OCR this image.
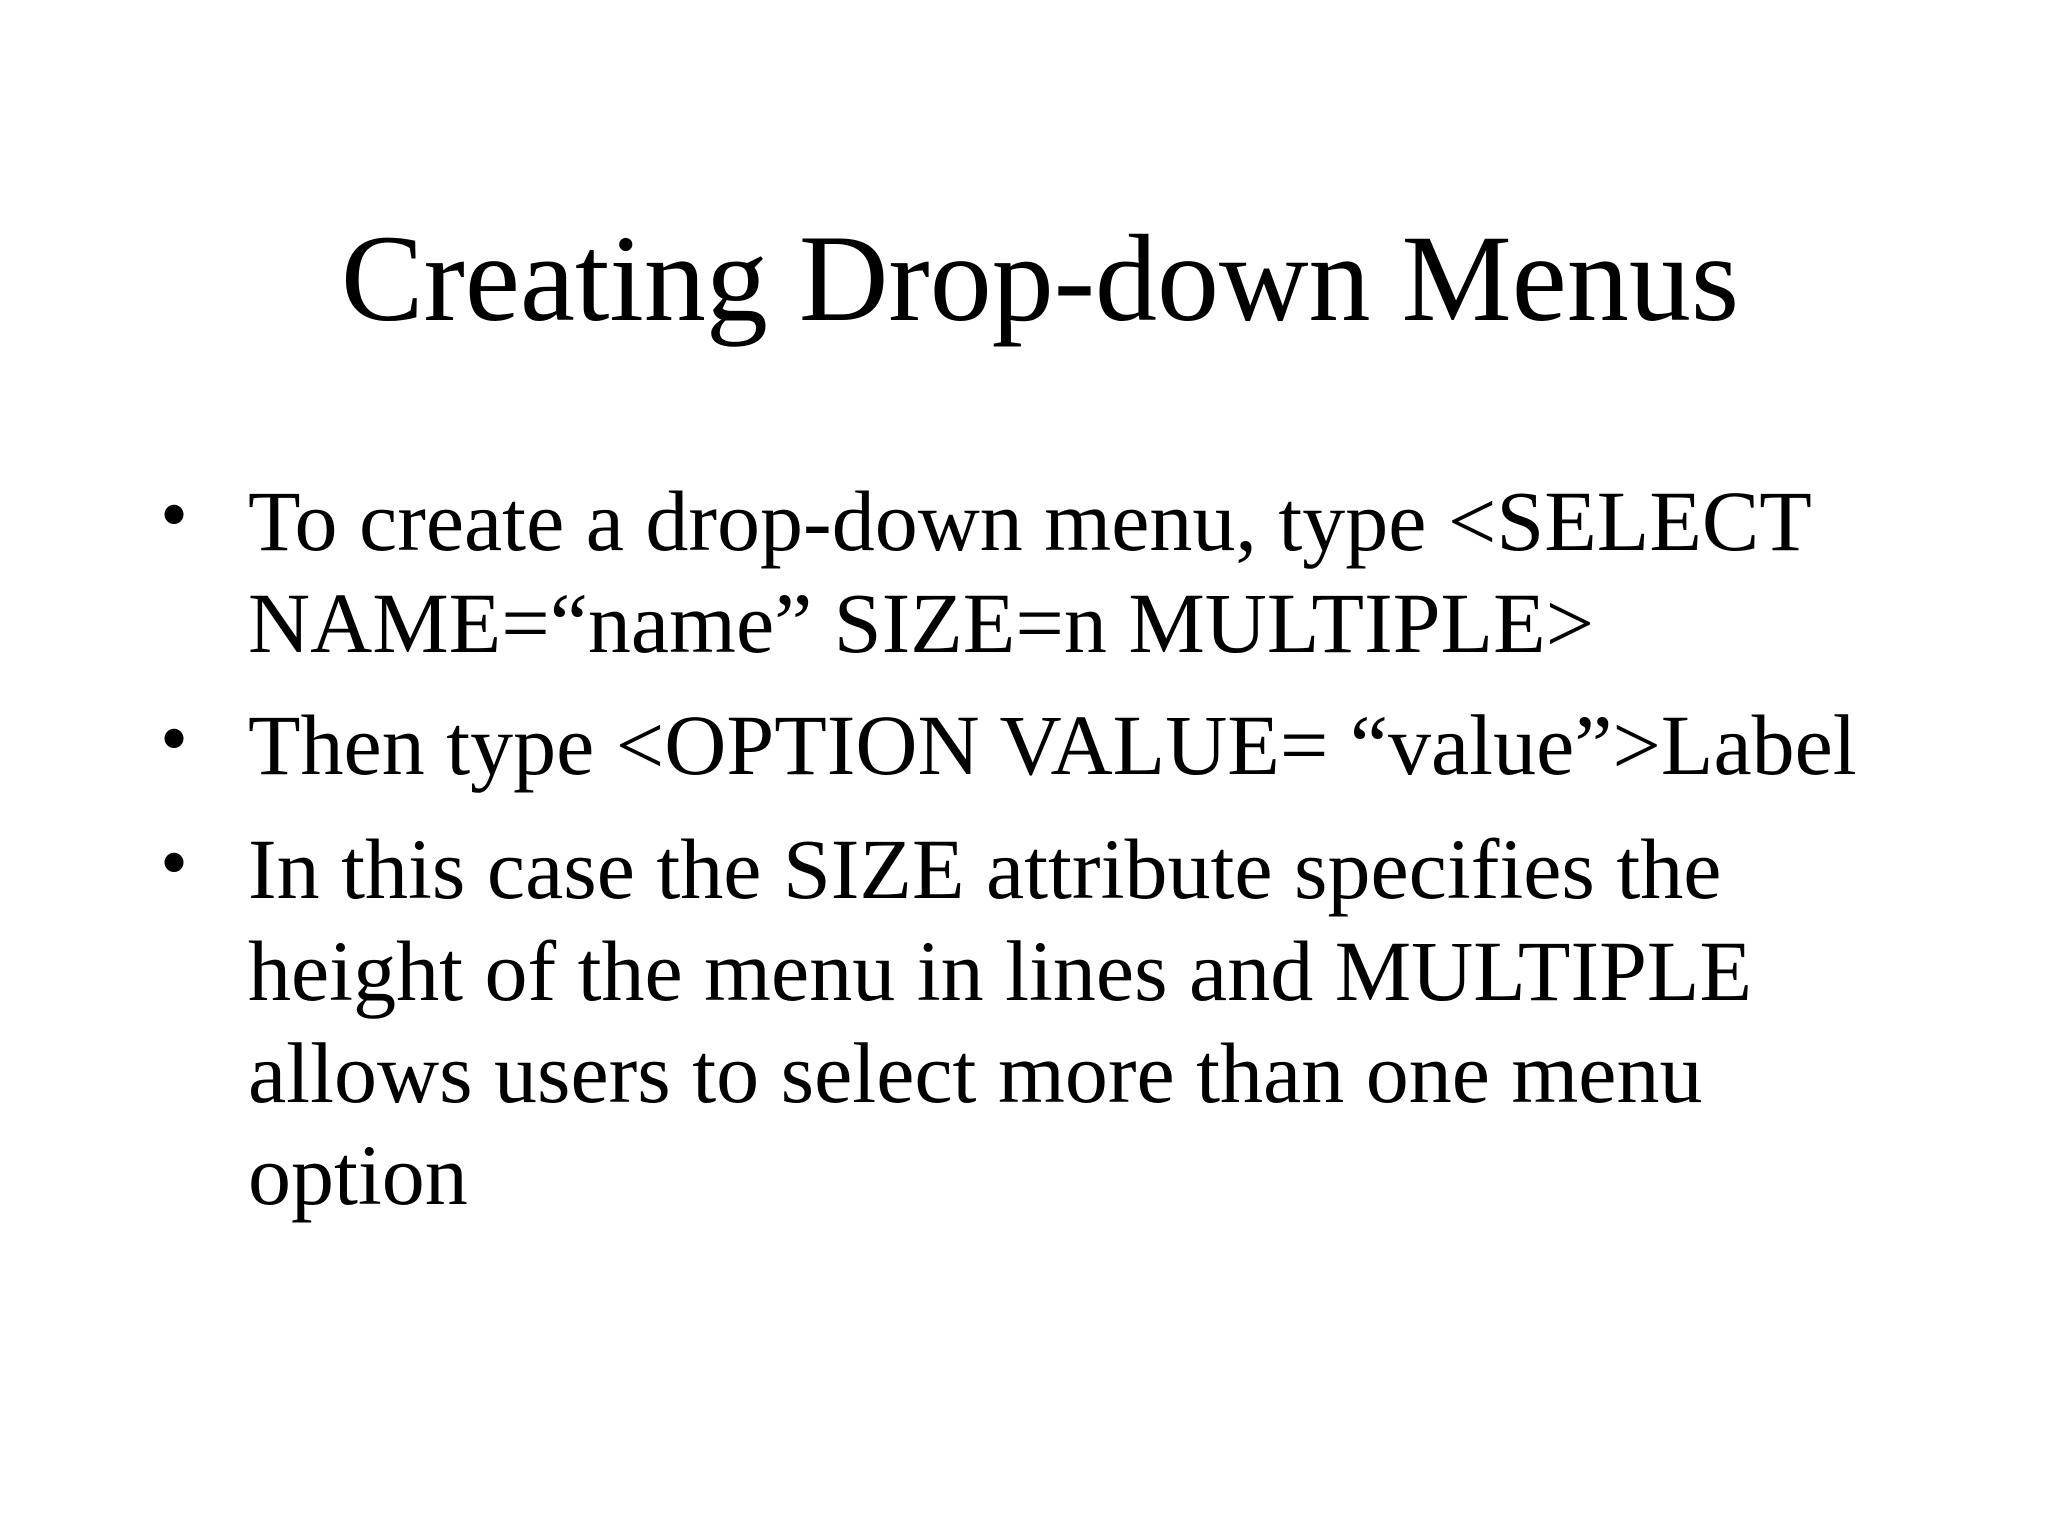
Creating Drop-down Menus
• To create a drop-down menu, type <SELECT
NAME=“name” SIZE=n MULTIPLE>
• Then type <OPTION VALUE= “value”>Label
• In this case the SIZE attribute specifies the
height of the menu in lines and MULTIPLE
allows users to select more than one menu
option
